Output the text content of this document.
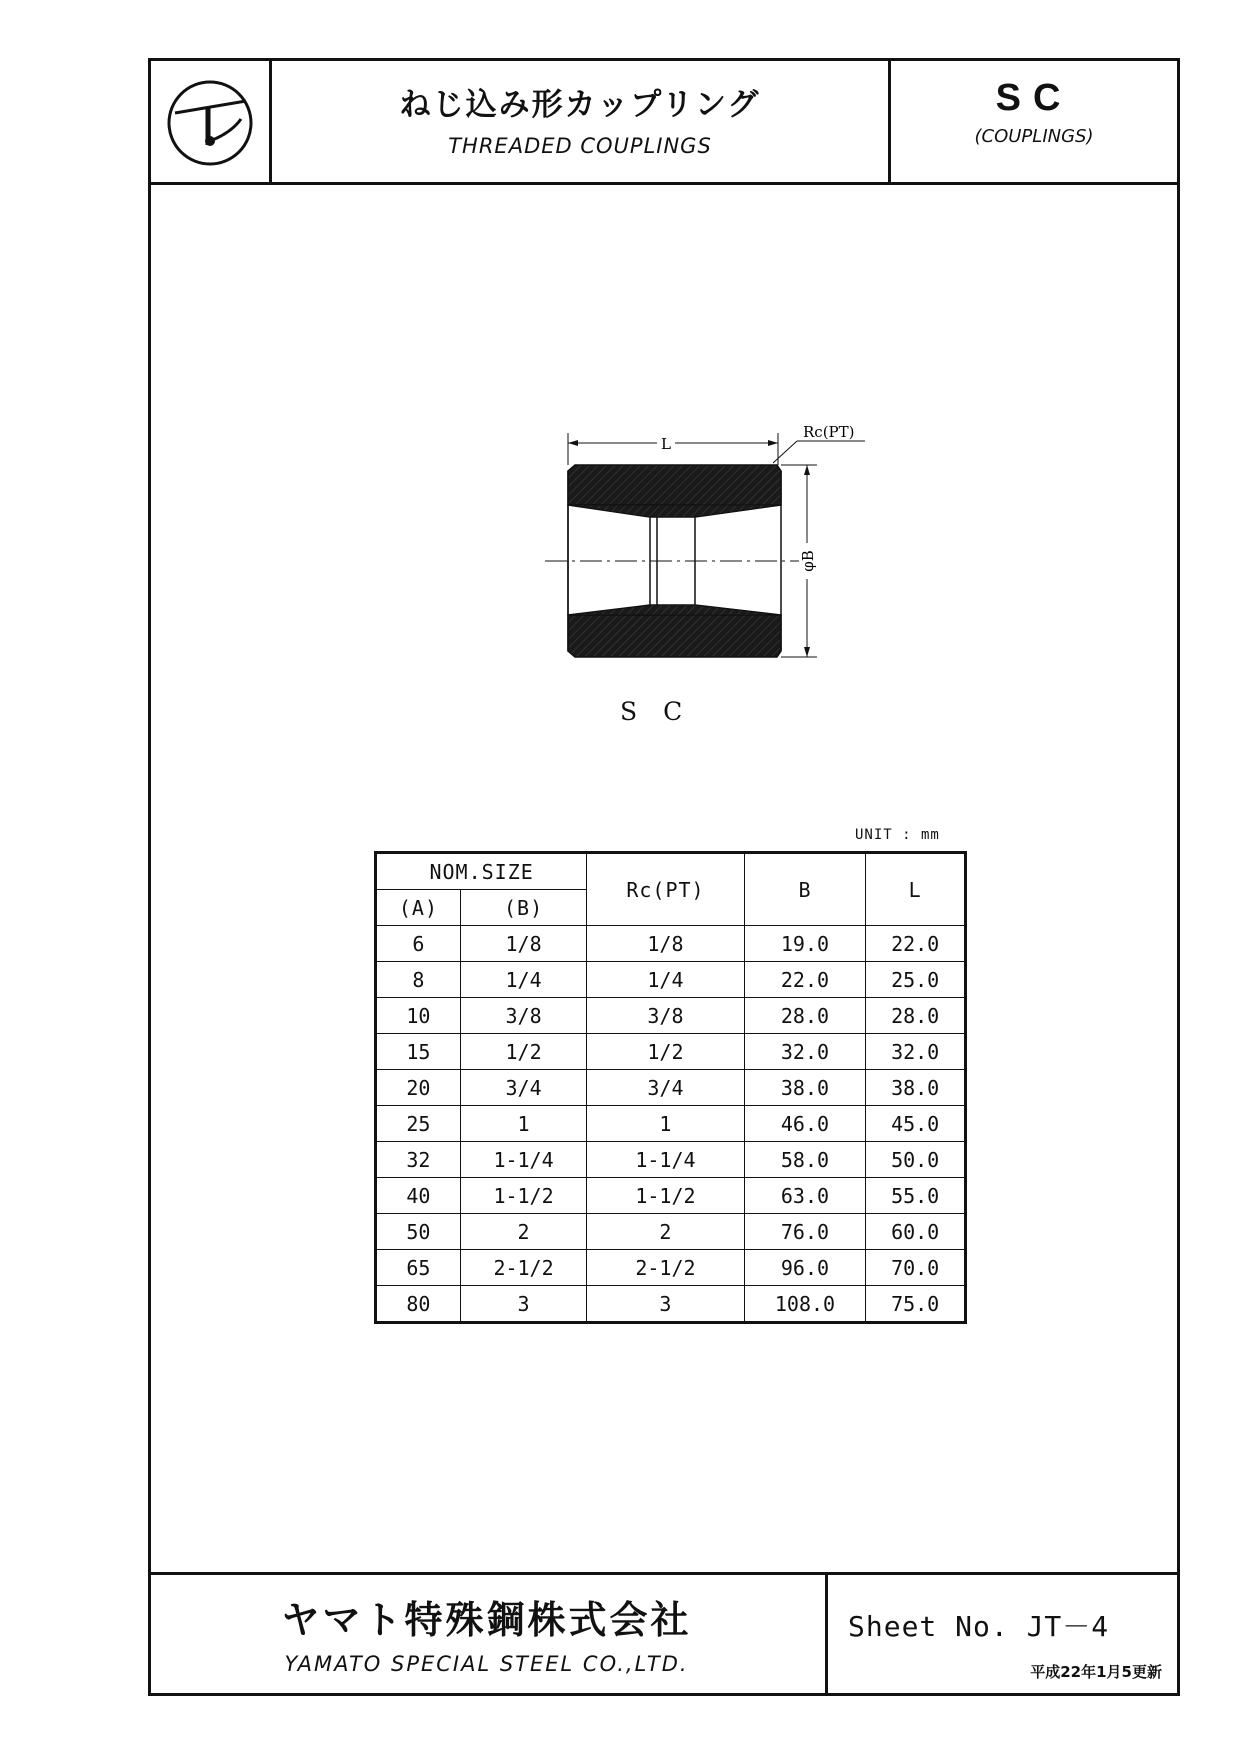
ねじ込み形カップリング
THREADED COUPLINGS
SC
(COUPLINGS)
L
Rc(PT)
φB
SC
UNIT : mm
NOM.SIZE		Rc(PT)	B	L
(A)	(B)			
6	1/8	1/8	19.0	22.0
8	1/4	1/4	22.0	25.0
10	3/8	3/8	28.0	28.0
15	1/2	1/2	32.0	32.0
20	3/4	3/4	38.0	38.0
25	1	1	46.0	45.0
32	1-1/4	1-1/4	58.0	50.0
40	1-1/2	1-1/2	63.0	55.0
50	2	2	76.0	60.0
65	2-1/2	2-1/2	96.0	70.0
80	3	3	108.0	75.0
ヤマト特殊鋼株式会社
YAMATO SPECIAL STEEL CO.,LTD.
Sheet No. JT－4
平成22年1月5更新
